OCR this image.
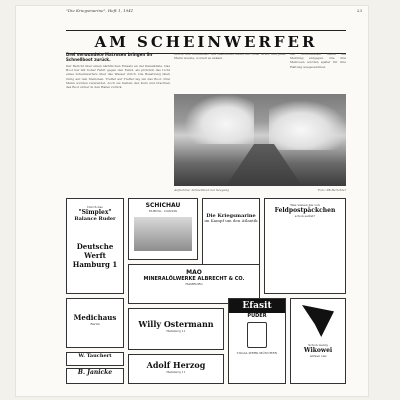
"Die Kriegsmarine", Heft 1, 1941	23
AM SCHEINWERFER
Drei verwundete Matrosen bringen ihr Schnellboot zurück.
Der Bericht über einen nächtlichen Einsatz an der Kanalküste. Das Boot lief mit hoher Fahrt gegen den Feind, als plötzlich das Licht eines Scheinwerfers über das Wasser strich. Die Besatzung blieb ruhig auf den Stationen. Treffer auf Treffer lag um das Boot. Drei Mann wurden verwundet, doch sie hielten den Kurs und brachten das Boot sicher in den Hafen zurück.
Gischt und Dunkelheit. Die Maschinen liefen mit voller Kraft, und jeder Mann wusste, worauf es ankam.
Der Kommandant nahm die Meldung entgegen. Die drei Matrosen wurden später für ihre Haltung ausgezeichnet.
Aufnahme: Schnellboot bei Seegang	Foto: PK-Berichter
Durch das
"Simplex"
Balance Ruder
Deutsche Werft
Hamburg 1
SCHICHAU
ELBING · DANZIG
Die Kriegsmarine
im Kampf um den Atlantik
Was wissen Sie von
Feldpostpäckchen
schon selbst?
MAO
MINERALÖLWERKE ALBRECHT & CO.
HAMBURG
Medichaus
Berlin	Willy Ostermann
Hamburg 11
Efasit
PUDER
TOGAL-WERK MÜNCHEN
Schon wenig
Wikowei
wirken viel
Adolf Herzog
Hamburg 11
W. Tauchert
B. Janicke
